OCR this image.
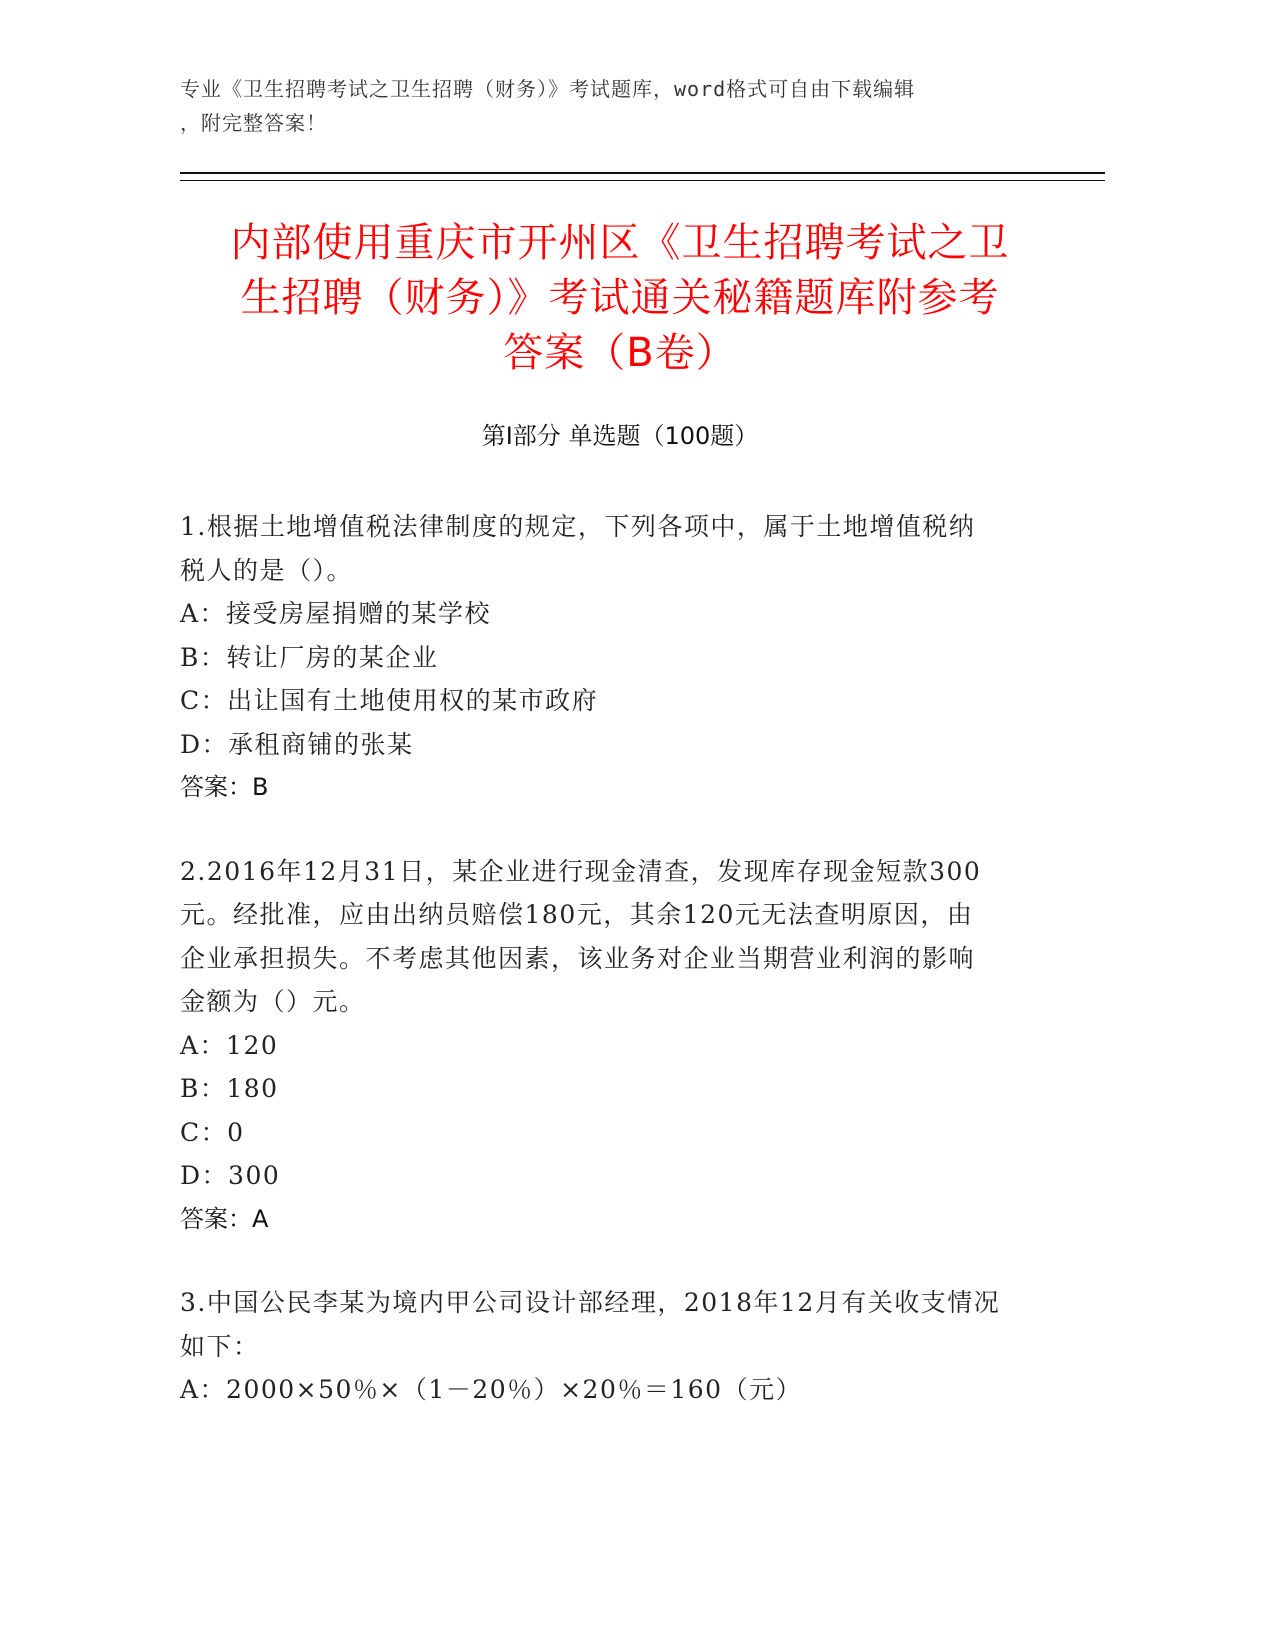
专业《卫生招聘考试之卫生招聘（财务）》考试题库，word格式可自由下载编辑
，附完整答案！
内部使用重庆市开州区《卫生招聘考试之卫
生招聘（财务）》考试通关秘籍题库附参考
答案（B卷）
第I部分 单选题（100题）

1.根据土地增值税法律制度的规定，下列各项中，属于土地增值税纳

税人的是（）。

A：接受房屋捐赠的某学校

B：转让厂房的某企业

C：出让国有土地使用权的某市政府

D：承租商铺的张某

答案：B

2.2016年12月31日，某企业进行现金清查，发现库存现金短款300

元。经批准，应由出纳员赔偿180元，其余120元无法查明原因，由

企业承担损失。不考虑其他因素，该业务对企业当期营业利润的影响

金额为（）元。

A：120

B：180

C：0

D：300

答案：A

3.中国公民李某为境内甲公司设计部经理，2018年12月有关收支情况

如下：

A：2000×50％×（1－20％）×20％＝160（元）
